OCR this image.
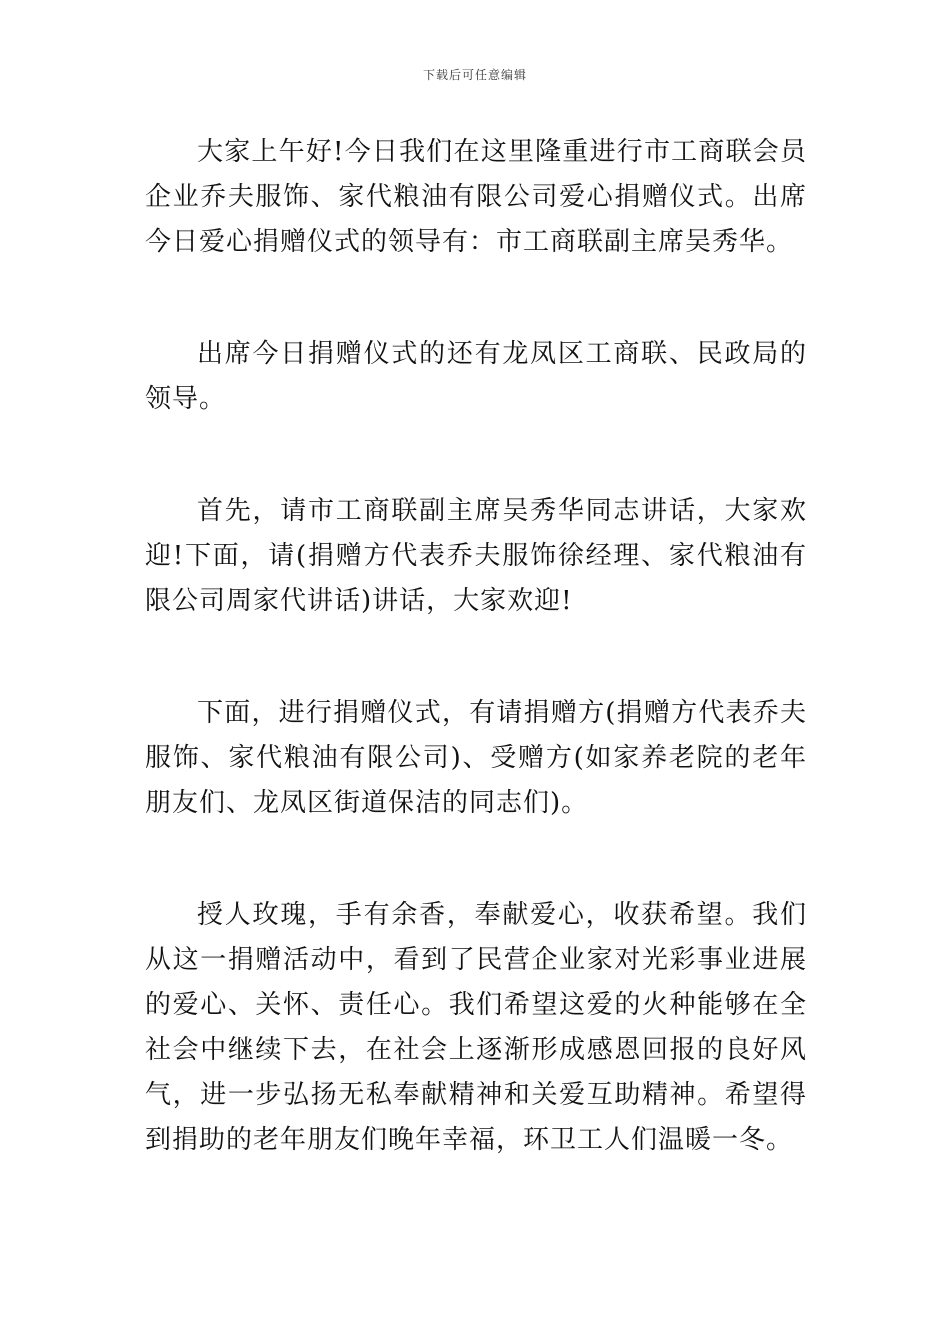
下载后可任意编辑

大家上午好!今日我们在这里隆重进行市工商联会员企业乔夫服饰、家代粮油有限公司爱心捐赠仪式。出席今日爱心捐赠仪式的领导有：市工商联副主席吴秀华。

出席今日捐赠仪式的还有龙凤区工商联、民政局的领导。

首先，请市工商联副主席吴秀华同志讲话，大家欢迎!下面，请(捐赠方代表乔夫服饰徐经理、家代粮油有限公司周家代讲话)讲话，大家欢迎!

下面，进行捐赠仪式，有请捐赠方(捐赠方代表乔夫服饰、家代粮油有限公司)、受赠方(如家养老院的老年朋友们、龙凤区街道保洁的同志们)。

授人玫瑰，手有余香，奉献爱心，收获希望。我们从这一捐赠活动中，看到了民营企业家对光彩事业进展的爱心、关怀、责任心。我们希望这爱的火种能够在全社会中继续下去，在社会上逐渐形成感恩回报的良好风气，进一步弘扬无私奉献精神和关爱互助精神。希望得到捐助的老年朋友们晚年幸福，环卫工人们温暖一冬。
